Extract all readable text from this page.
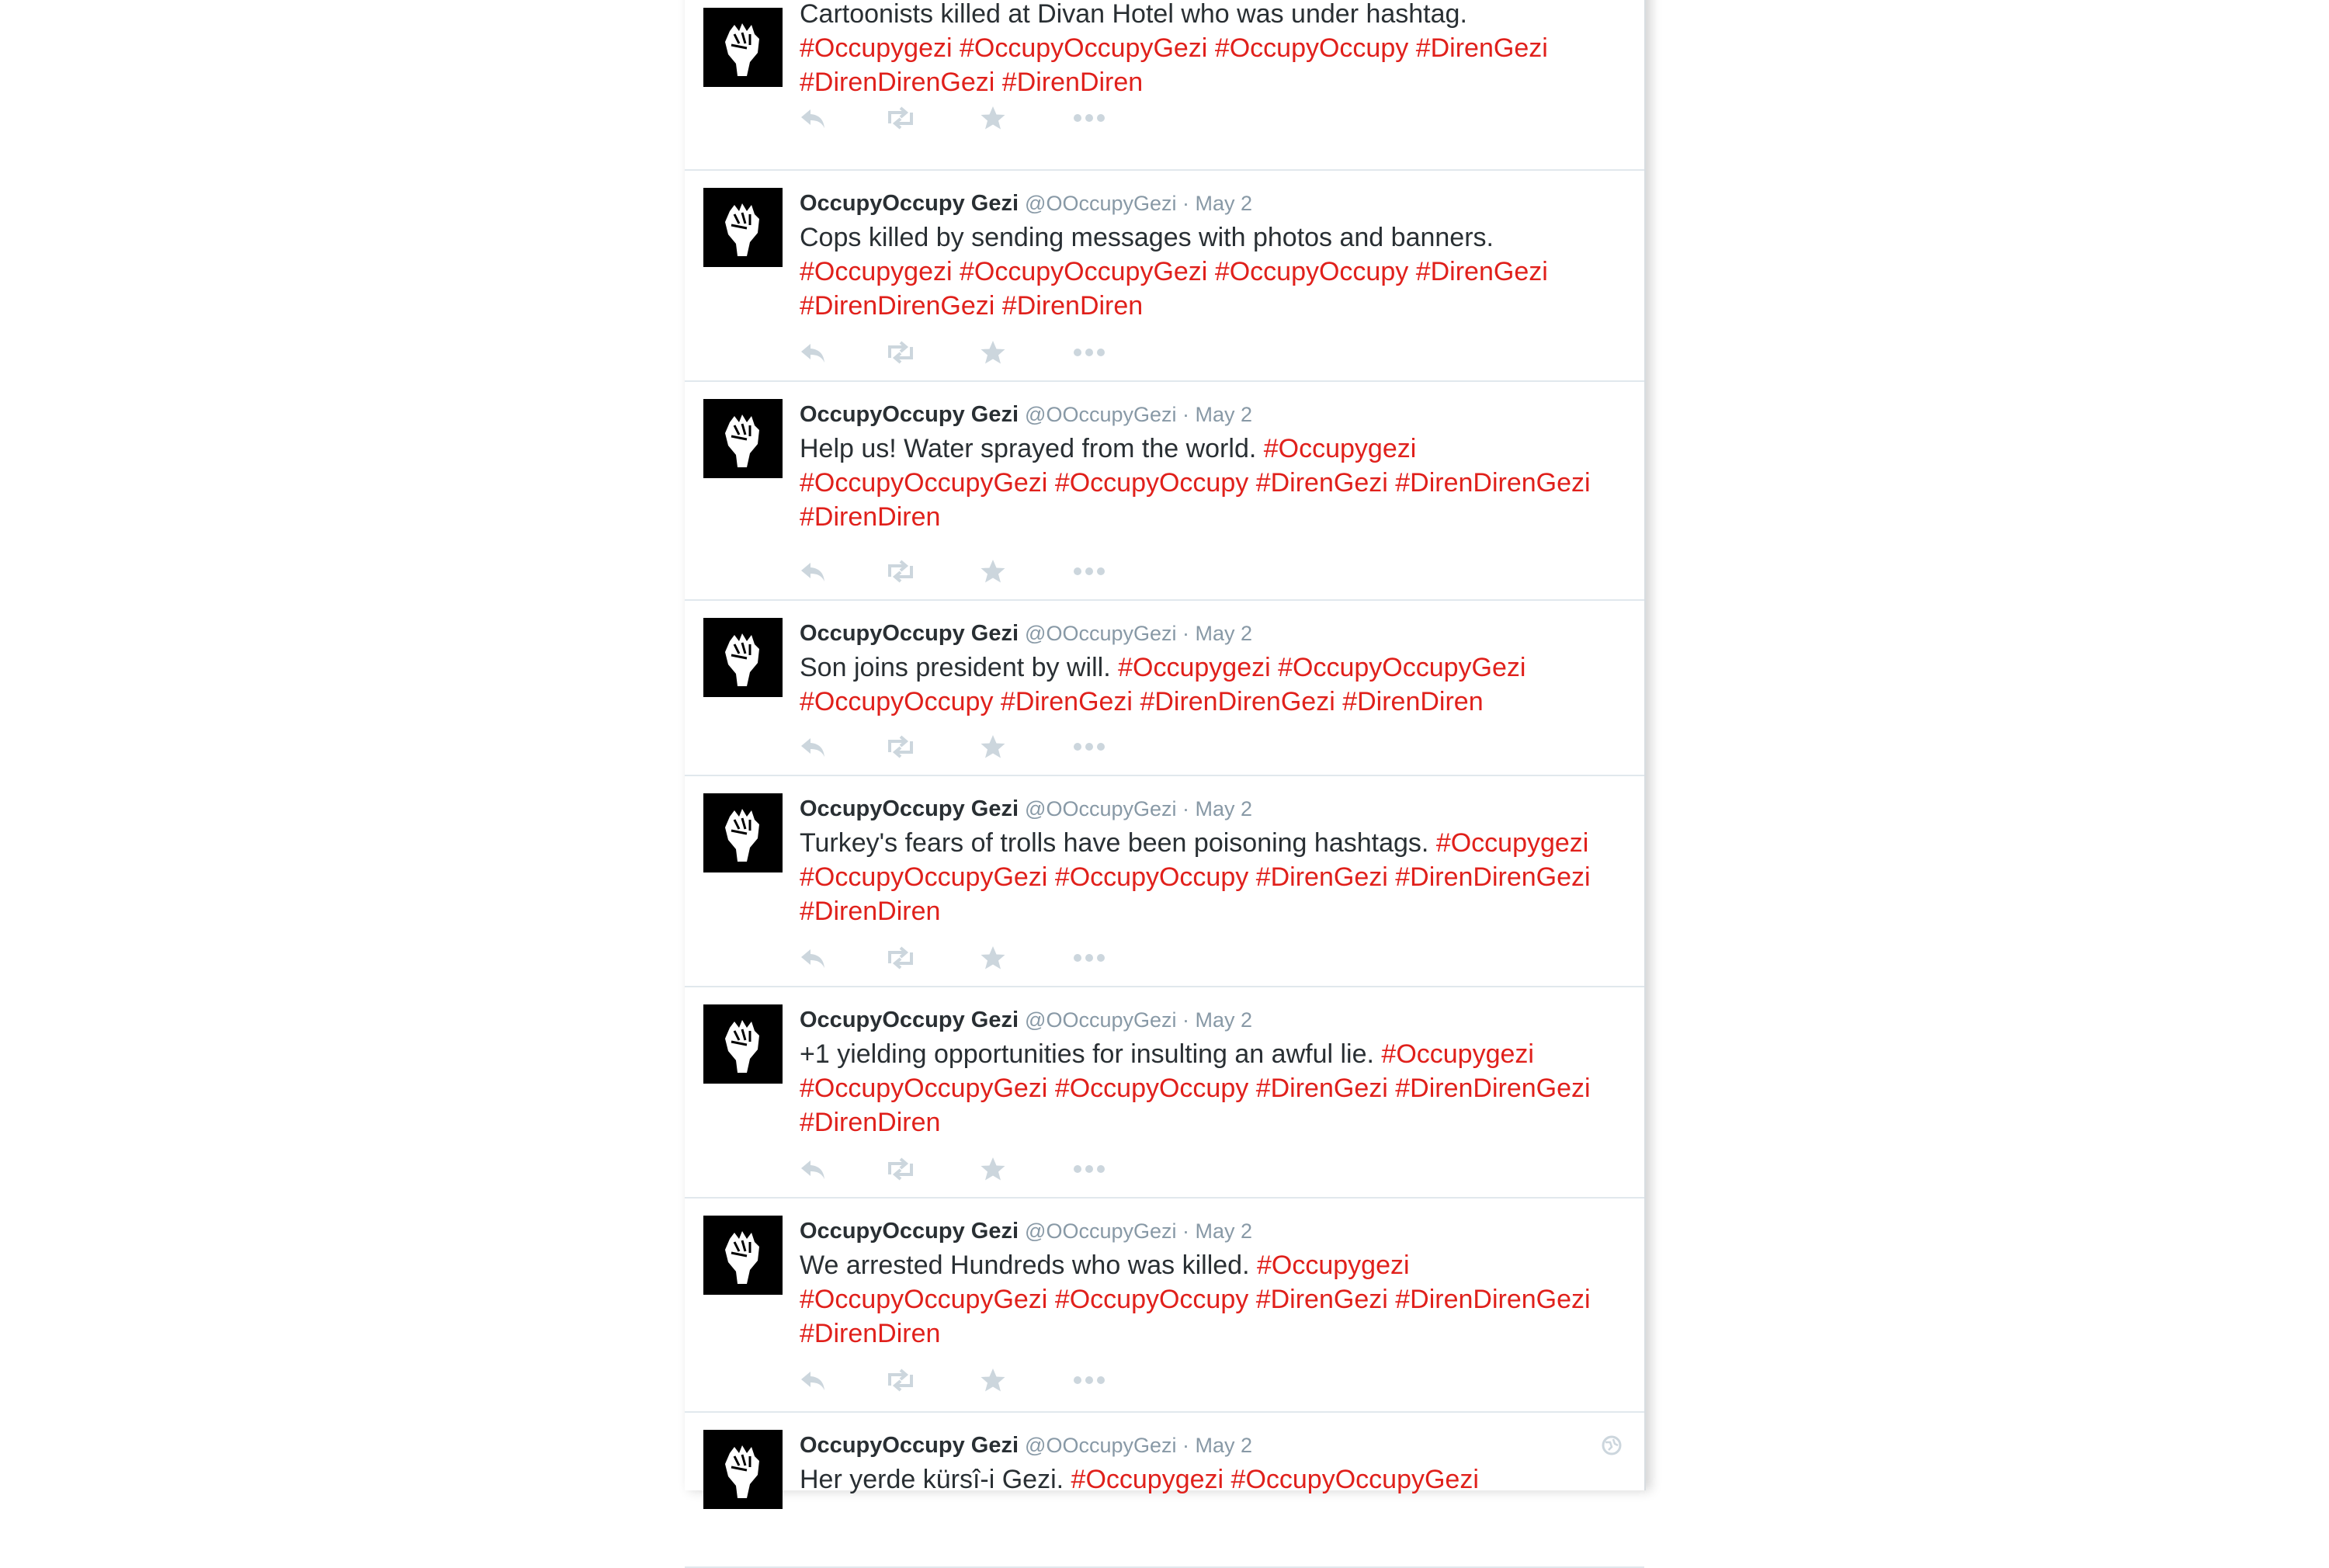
Cartoonists killed at Divan Hotel who was under hashtag. #Occupygezi #OccupyOccupyGezi #OccupyOccupy #DirenGezi #DirenDirenGezi #DirenDiren
OccupyOccupy Gezi @OOccupyGezi · May 2
Cops killed by sending messages with photos and banners. #Occupygezi #OccupyOccupyGezi #OccupyOccupy #DirenGezi #DirenDirenGezi #DirenDiren
OccupyOccupy Gezi @OOccupyGezi · May 2
Help us! Water sprayed from the world. #Occupygezi #OccupyOccupyGezi #OccupyOccupy #DirenGezi #DirenDirenGezi #DirenDiren
OccupyOccupy Gezi @OOccupyGezi · May 2
Son joins president by will. #Occupygezi #OccupyOccupyGezi #OccupyOccupy #DirenGezi #DirenDirenGezi #DirenDiren
OccupyOccupy Gezi @OOccupyGezi · May 2
Turkey's fears of trolls have been poisoning hashtags. #Occupygezi #OccupyOccupyGezi #OccupyOccupy #DirenGezi #DirenDirenGezi #DirenDiren
OccupyOccupy Gezi @OOccupyGezi · May 2
+1 yielding opportunities for insulting an awful lie. #Occupygezi #OccupyOccupyGezi #OccupyOccupy #DirenGezi #DirenDirenGezi #DirenDiren
OccupyOccupy Gezi @OOccupyGezi · May 2
We arrested Hundreds who was killed. #Occupygezi #OccupyOccupyGezi #OccupyOccupy #DirenGezi #DirenDirenGezi #DirenDiren
OccupyOccupy Gezi @OOccupyGezi · May 2
Her yerde kürsî-i Gezi. #Occupygezi #OccupyOccupyGezi
